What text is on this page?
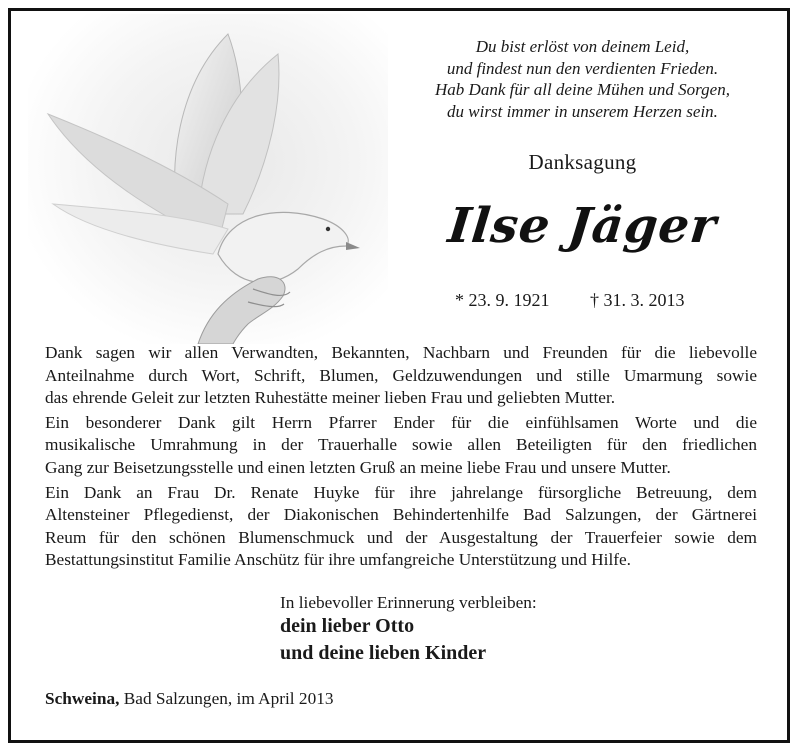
Du bist erlöst von deinem Leid,
und findest nun den verdienten Frieden.
Hab Dank für all deine Mühen und Sorgen,
du wirst immer in unserem Herzen sein.
Danksagung
Ilse Jäger
* 23. 9. 1921 † 31. 3. 2013

Dank sagen wir allen Verwandten, Bekannten, Nachbarn und Freunden für die liebevolle
Anteilnahme durch Wort, Schrift, Blumen, Geldzuwendungen und stille Umarmung sowie
das ehrende Geleit zur letzten Ruhestätte meiner lieben Frau und geliebten Mutter.

Ein besonderer Dank gilt Herrn Pfarrer Ender für die einfühlsamen Worte und die
musikalische Umrahmung in der Trauerhalle sowie allen Beteiligten für den friedlichen
Gang zur Beisetzungsstelle und einen letzten Gruß an meine liebe Frau und unsere Mutter.

Ein Dank an Frau Dr. Renate Huyke für ihre jahrelange fürsorgliche Betreuung, dem
Altensteiner Pflegedienst, der Diakonischen Behindertenhilfe Bad Salzungen, der Gärtnerei
Reum für den schönen Blumenschmuck und der Ausgestaltung der Trauerfeier sowie dem
Bestattungsinstitut Familie Anschütz für ihre umfangreiche Unterstützung und Hilfe.

In liebevoller Erinnerung verbleiben:
dein lieber Otto
und deine lieben Kinder
Schweina, Bad Salzungen, im April 2013
